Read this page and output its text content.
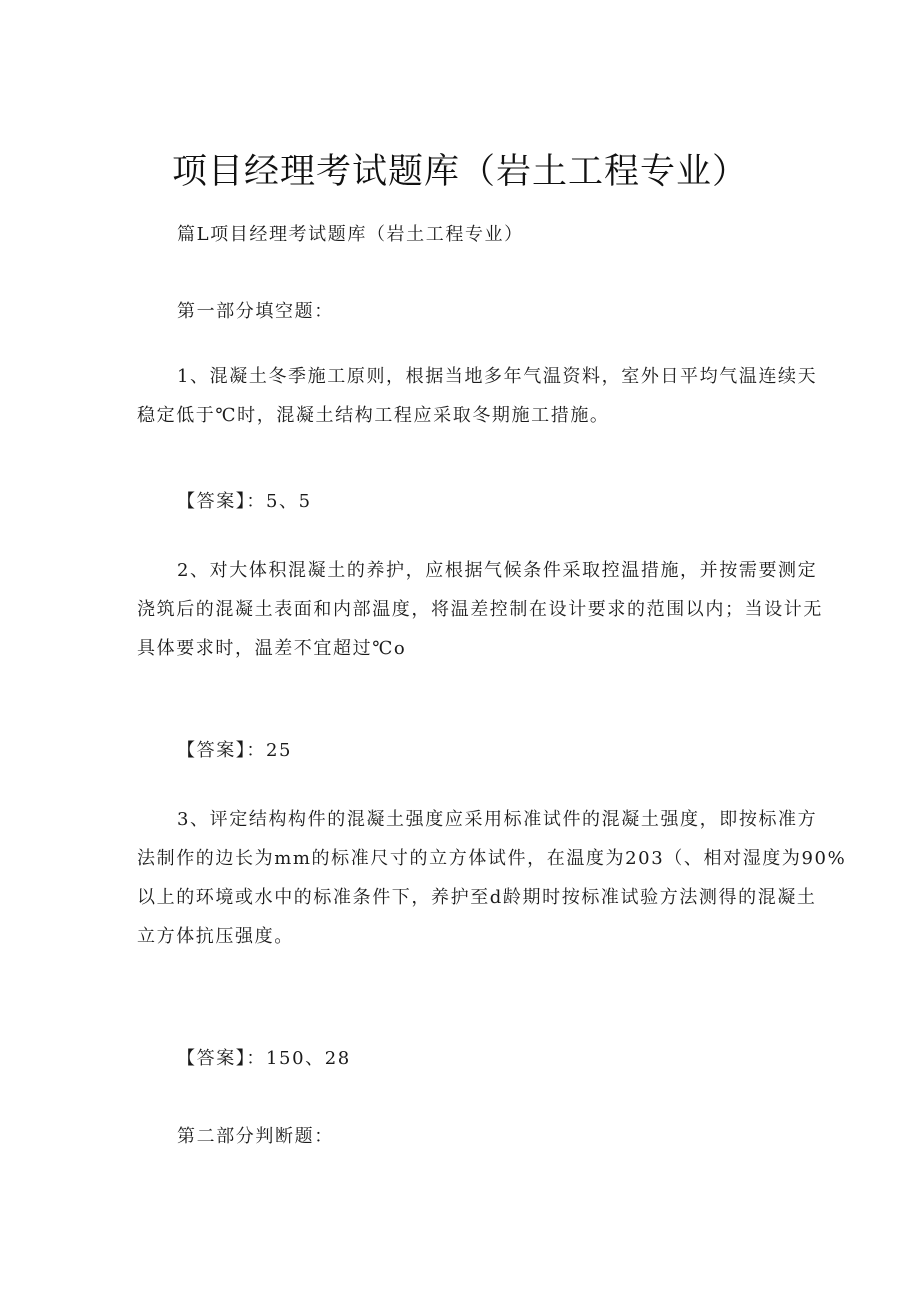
项目经理考试题库（岩土工程专业）

篇L项目经理考试题库（岩土工程专业）

第一部分填空题：

1、混凝土冬季施工原则，根据当地多年气温资料，室外日平均气温连续天
稳定低于℃时，混凝土结构工程应采取冬期施工措施。

【答案】：5、5

2、对大体积混凝土的养护，应根据气候条件采取控温措施，并按需要测定
浇筑后的混凝土表面和内部温度，将温差控制在设计要求的范围以内；当设计无
具体要求时，温差不宜超过℃o

【答案】：25

3、评定结构构件的混凝土强度应采用标准试件的混凝土强度，即按标准方
法制作的边长为mm的标准尺寸的立方体试件，在温度为203（、相对湿度为90%
以上的环境或水中的标准条件下，养护至d龄期时按标准试验方法测得的混凝土
立方体抗压强度。

【答案】：150、28

第二部分判断题：
